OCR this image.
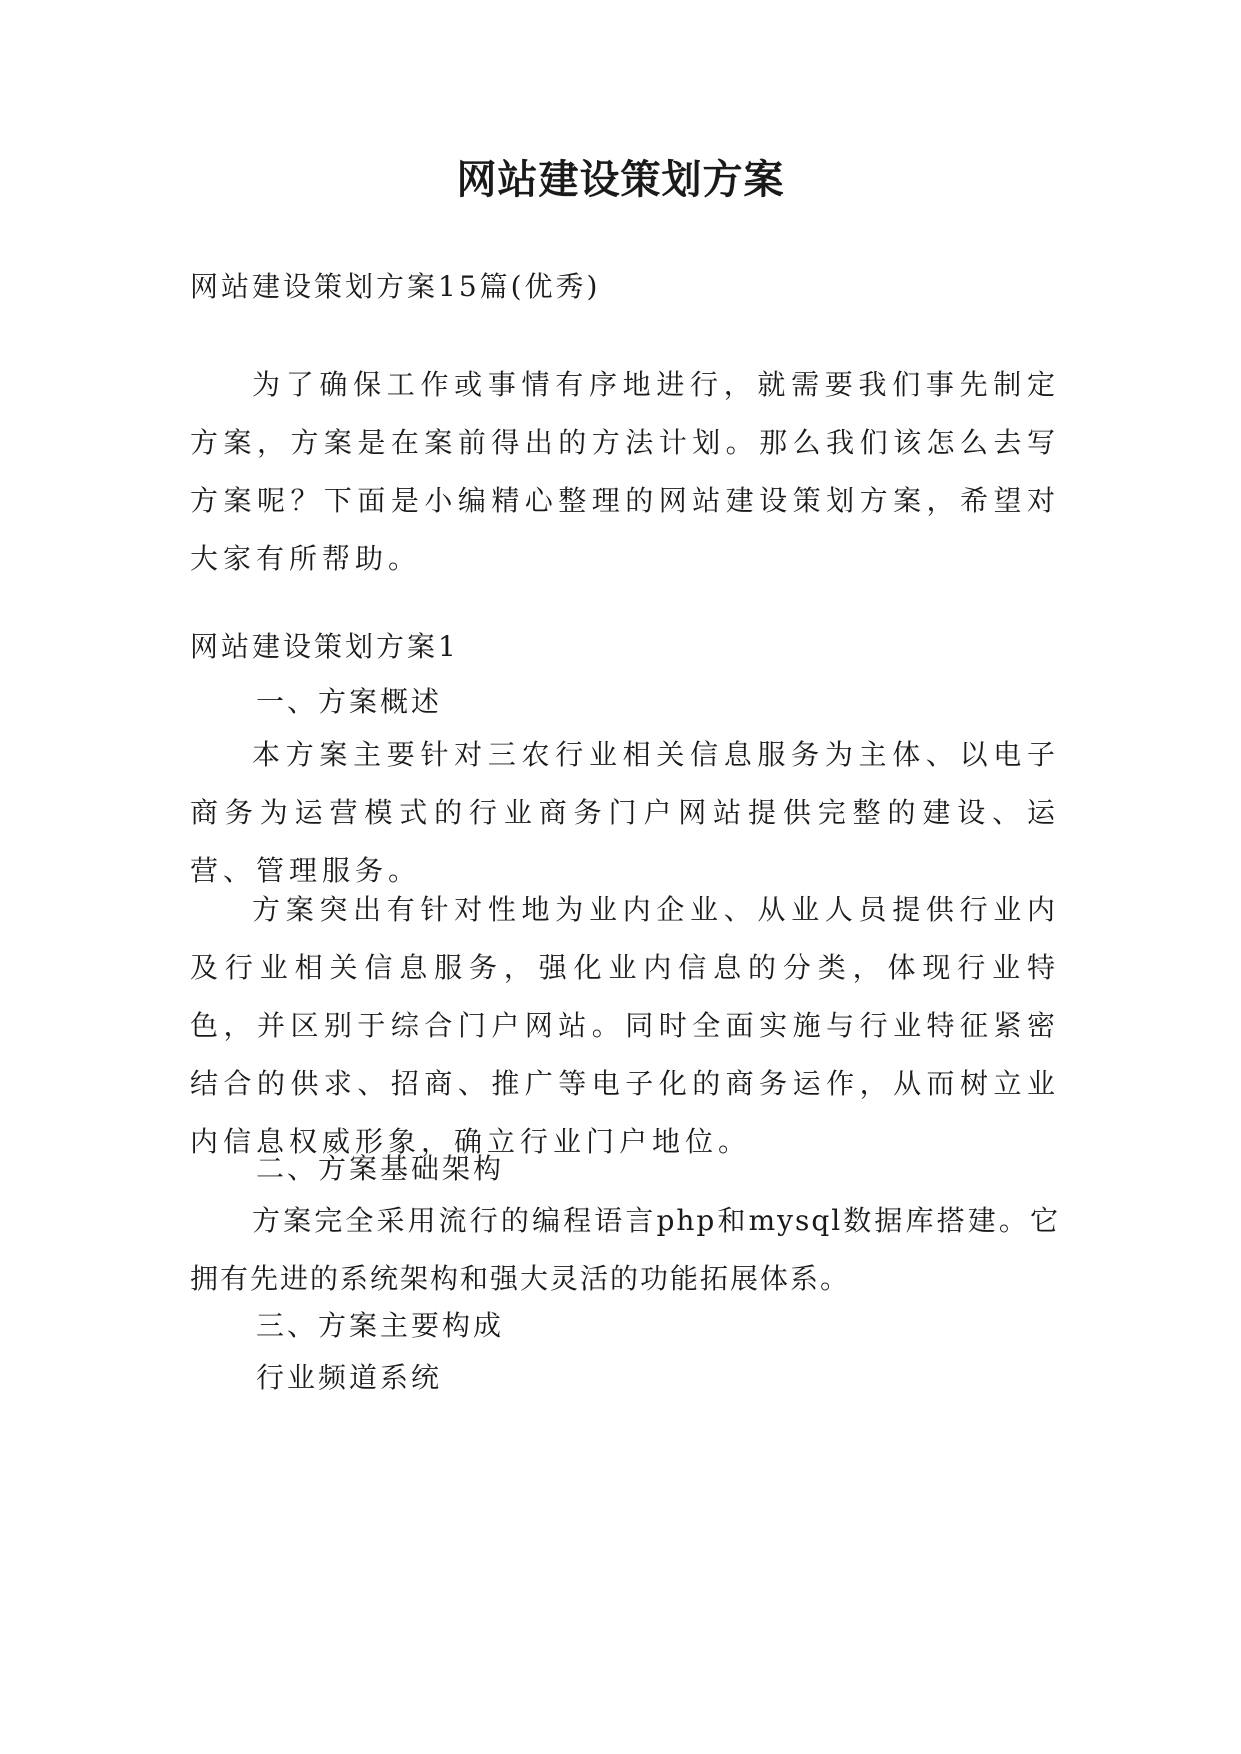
网站建设策划方案

网站建设策划方案15篇(优秀)

为了确保工作或事情有序地进行，就需要我们事先制定方案，方案是在案前得出的方法计划。那么我们该怎么去写方案呢？下面是小编精心整理的网站建设策划方案，希望对大家有所帮助。

网站建设策划方案1

一、方案概述

本方案主要针对三农行业相关信息服务为主体、以电子商务为运营模式的行业商务门户网站提供完整的建设、运营、管理服务。

方案突出有针对性地为业内企业、从业人员提供行业内及行业相关信息服务，强化业内信息的分类，体现行业特色，并区别于综合门户网站。同时全面实施与行业特征紧密结合的供求、招商、推广等电子化的商务运作，从而树立业内信息权威形象，确立行业门户地位。

二、方案基础架构

方案完全采用流行的编程语言php和mysql数据库搭建。它拥有先进的系统架构和强大灵活的功能拓展体系。

三、方案主要构成

行业频道系统
